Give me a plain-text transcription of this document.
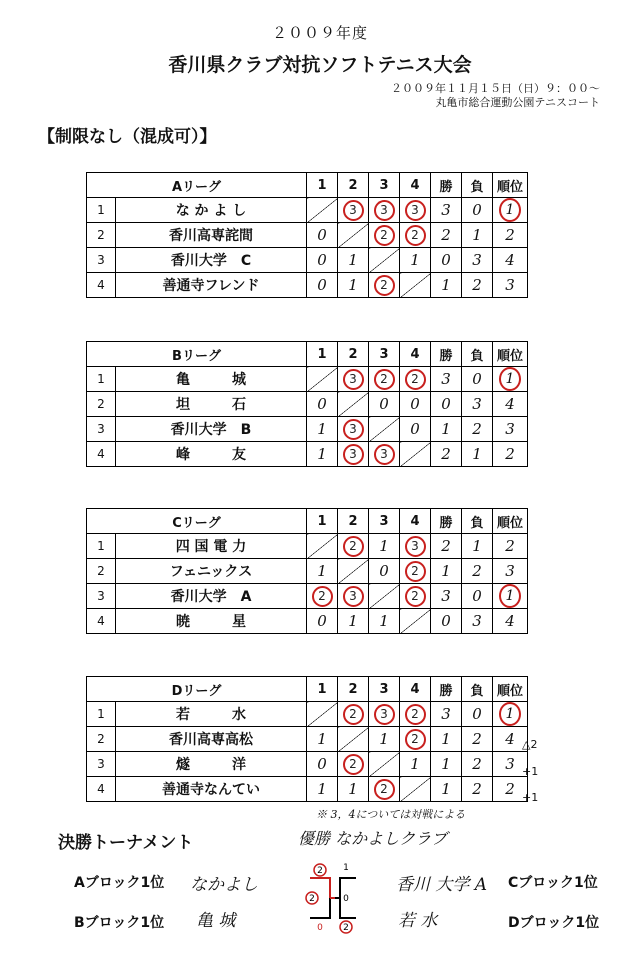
２００９年度
香川県クラブ対抗ソフトテニス大会
２００９年１１月１５日（日）９：００～
丸亀市総合運動公園テニスコート
【制限なし（混成可）】
Aリーグ		1	2	3	4	勝	負	順位
1	な か よ し		3	3	3	3	0	1
2	香川高専詫間	0		2	2	2	1	2
3	香川大学　C	0	1		1	0	3	4
4	善通寺フレンド	0	1	2		1	2	3
Bリーグ		1	2	3	4	勝	負	順位
1	亀　　　城		3	2	2	3	0	1
2	坦　　　石	0		0	0	0	3	4
3	香川大学　B	1	3		0	1	2	3
4	峰　　　友	1	3	3		2	1	2
Cリーグ		1	2	3	4	勝	負	順位
1	四 国 電 力		2	1	3	2	1	2
2	フェニックス	1		0	2	1	2	3
3	香川大学　A	2	3		2	3	0	1
4	暁　　　星	0	1	1		0	3	4
Dリーグ		1	2	3	4	勝	負	順位
1	若　　　水		2	3	2	3	0	1
2	香川高専高松	1		1	2	1	2	4
3	燧　　　洋	0	2		1	1	2	3
4	善通寺なんてい	1	1	2		1	2	2
△2
+1
+1
※ 3，4については対戦による
決勝トーナメント	優勝 なかよしクラブ
Aブロック1位 なかよし
Bブロック1位 亀 城
香川 大学 A Cブロック1位
若 水	Dブロック1位
2 1
2	0
0 2
